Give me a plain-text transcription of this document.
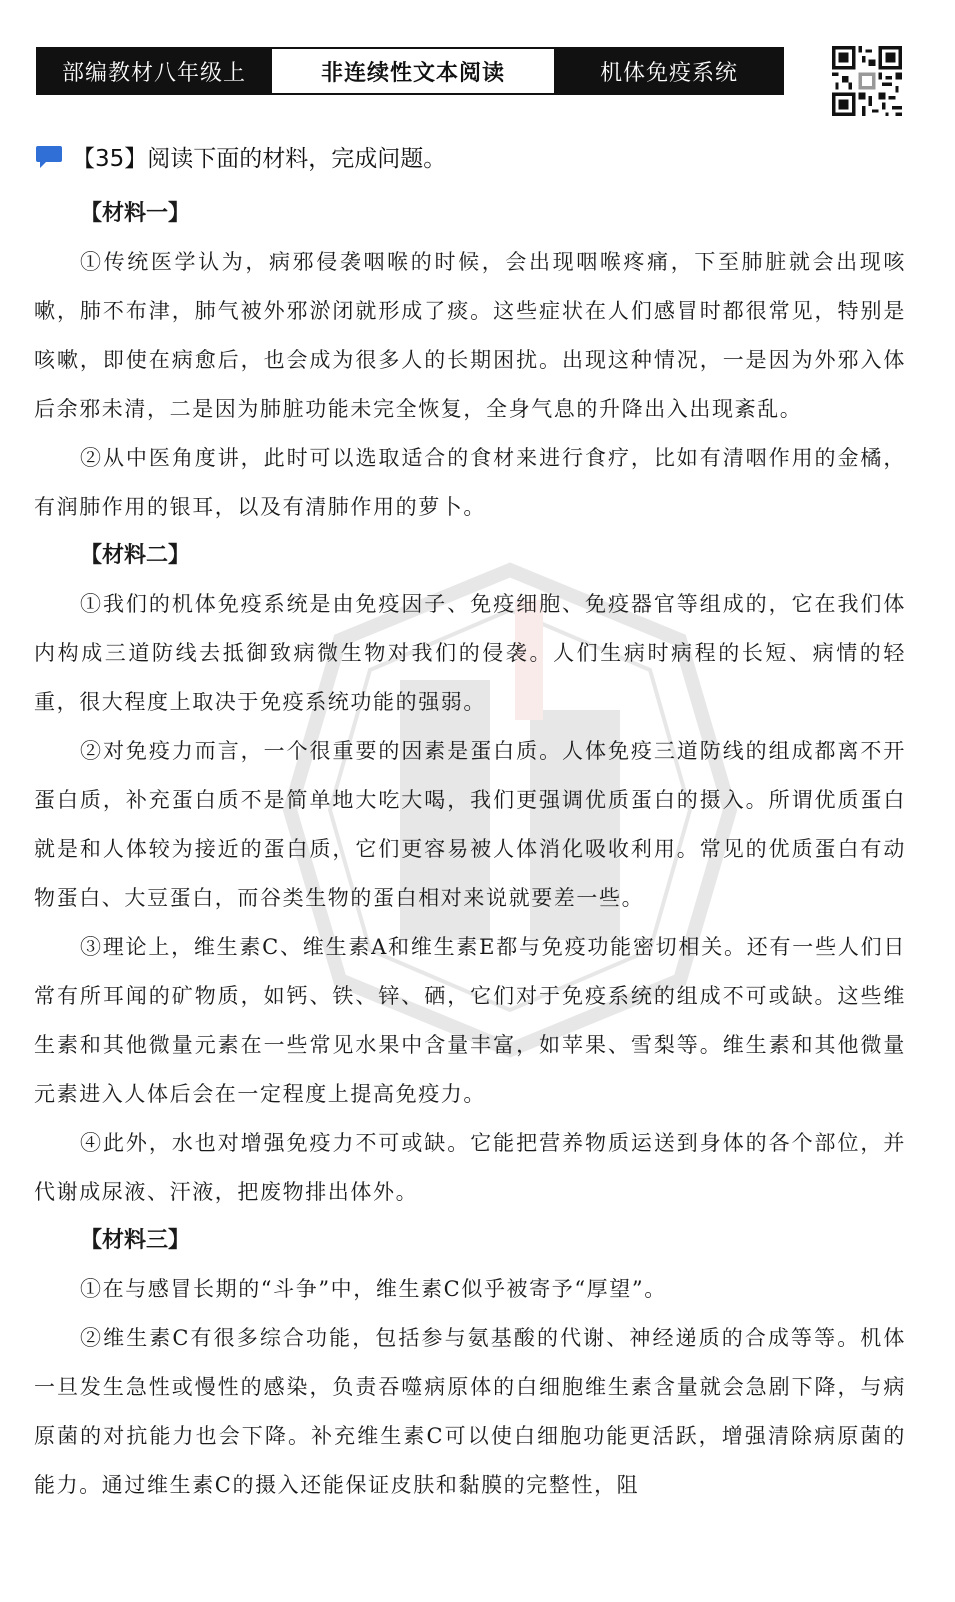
部编教材八年级上	非连续性文本阅读	机体免疫系统
【35】阅读下面的材料，完成问题。
【材料一】

①传统医学认为，病邪侵袭咽喉的时候，会出现咽喉疼痛，下至肺脏就会出现咳嗽，肺不布津，肺气被外邪淤闭就形成了痰。这些症状在人们感冒时都很常见，特别是咳嗽，即使在病愈后，也会成为很多人的长期困扰。出现这种情况，一是因为外邪入体后余邪未清，二是因为肺脏功能未完全恢复，全身气息的升降出入出现紊乱。

②从中医角度讲，此时可以选取适合的食材来进行食疗，比如有清咽作用的金橘，有润肺作用的银耳，以及有清肺作用的萝卜。

【材料二】

①我们的机体免疫系统是由免疫因子、免疫细胞、免疫器官等组成的，它在我们体内构成三道防线去抵御致病微生物对我们的侵袭。人们生病时病程的长短、病情的轻重，很大程度上取决于免疫系统功能的强弱。

②对免疫力而言，一个很重要的因素是蛋白质。人体免疫三道防线的组成都离不开蛋白质，补充蛋白质不是简单地大吃大喝，我们更强调优质蛋白的摄入。所谓优质蛋白就是和人体较为接近的蛋白质，它们更容易被人体消化吸收利用。常见的优质蛋白有动物蛋白、大豆蛋白，而谷类生物的蛋白相对来说就要差一些。

③理论上，维生素C、维生素A和维生素E都与免疫功能密切相关。还有一些人们日常有所耳闻的矿物质，如钙、铁、锌、硒，它们对于免疫系统的组成不可或缺。这些维生素和其他微量元素在一些常见水果中含量丰富，如苹果、雪梨等。维生素和其他微量元素进入人体后会在一定程度上提高免疫力。

④此外，水也对增强免疫力不可或缺。它能把营养物质运送到身体的各个部位，并代谢成尿液、汗液，把废物排出体外。

【材料三】

①在与感冒长期的“斗争”中，维生素C似乎被寄予“厚望”。

②维生素C有很多综合功能，包括参与氨基酸的代谢、神经递质的合成等等。机体一旦发生急性或慢性的感染，负责吞噬病原体的白细胞维生素含量就会急剧下降，与病原菌的对抗能力也会下降。补充维生素C可以使白细胞功能更活跃，增强清除病原菌的能力。通过维生素C的摄入还能保证皮肤和黏膜的完整性，阻
